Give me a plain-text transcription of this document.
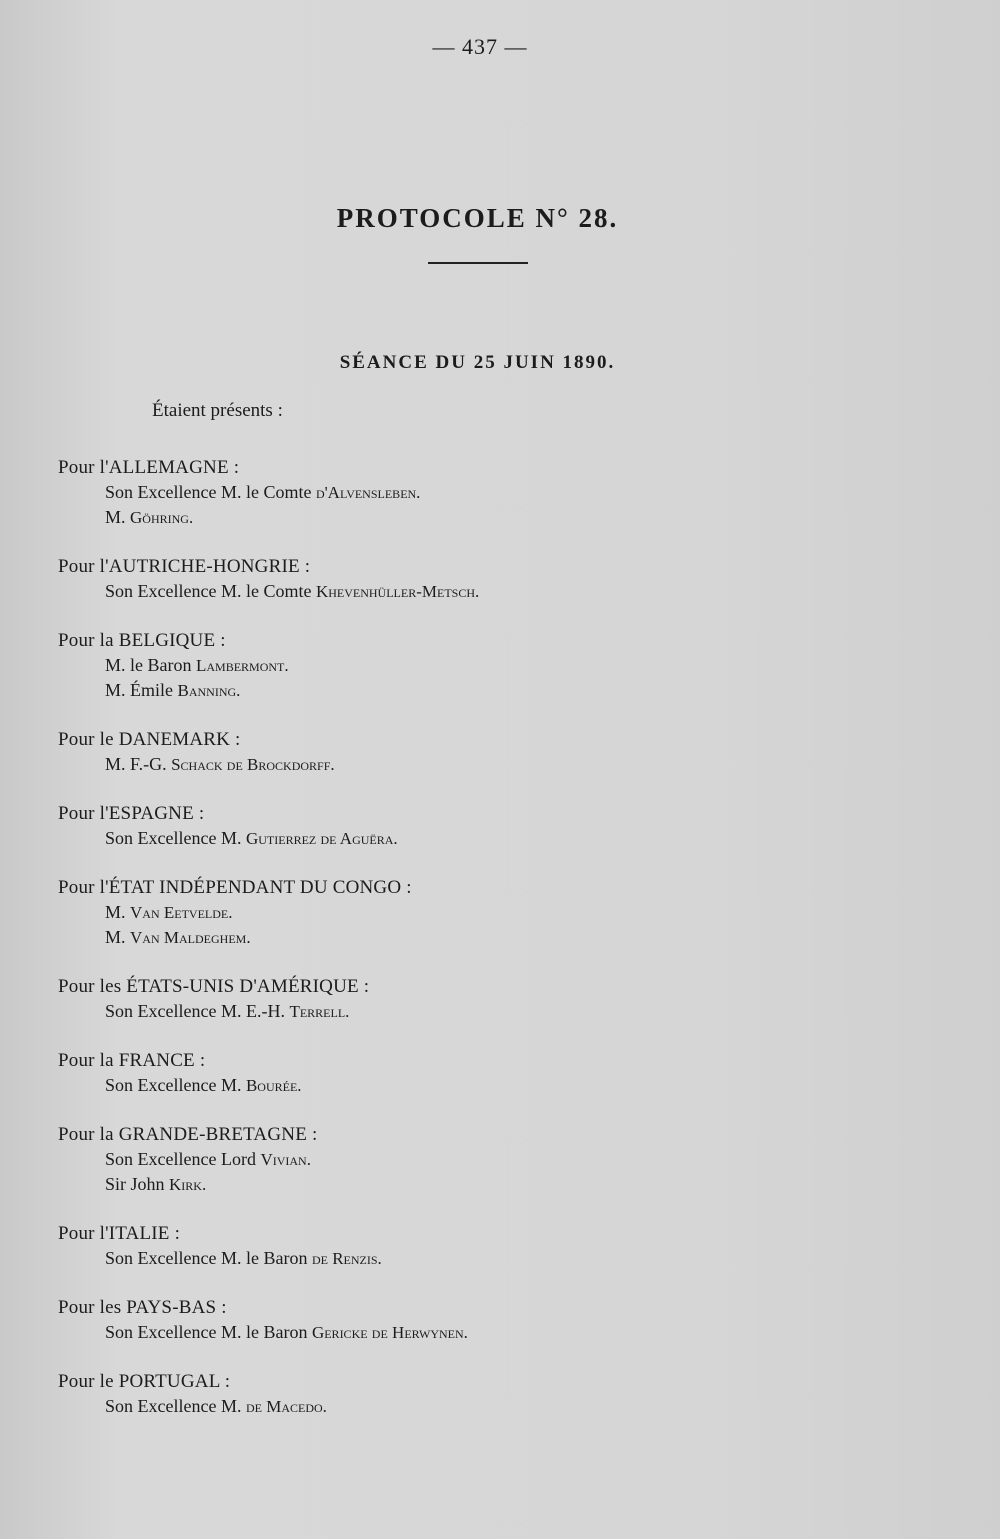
— 437 —
PROTOCOLE N° 28.
SÉANCE DU 25 JUIN 1890.
Étaient présents :
Pour l'ALLEMAGNE :
Son Excellence M. le Comte d'Alvensleben.
M. Göhring.
Pour l'AUTRICHE-HONGRIE :
Son Excellence M. le Comte Khevenhüller-Metsch.
Pour la BELGIQUE :
M. le Baron Lambermont.
M. Émile Banning.
Pour le DANEMARK :
M. F.-G. Schack de Brockdorff.
Pour l'ESPAGNE :
Son Excellence M. Gutierrez de Aguëra.
Pour l'ÉTAT INDÉPENDANT DU CONGO :
M. Van Eetvelde.
M. Van Maldeghem.
Pour les ÉTATS-UNIS D'AMÉRIQUE :
Son Excellence M. E.-H. Terrell.
Pour la FRANCE :
Son Excellence M. Bourée.
Pour la GRANDE-BRETAGNE :
Son Excellence Lord Vivian.
Sir John Kirk.
Pour l'ITALIE :
Son Excellence M. le Baron de Renzis.
Pour les PAYS-BAS :
Son Excellence M. le Baron Gericke de Herwynen.
Pour le PORTUGAL :
Son Excellence M. de Macedo.
